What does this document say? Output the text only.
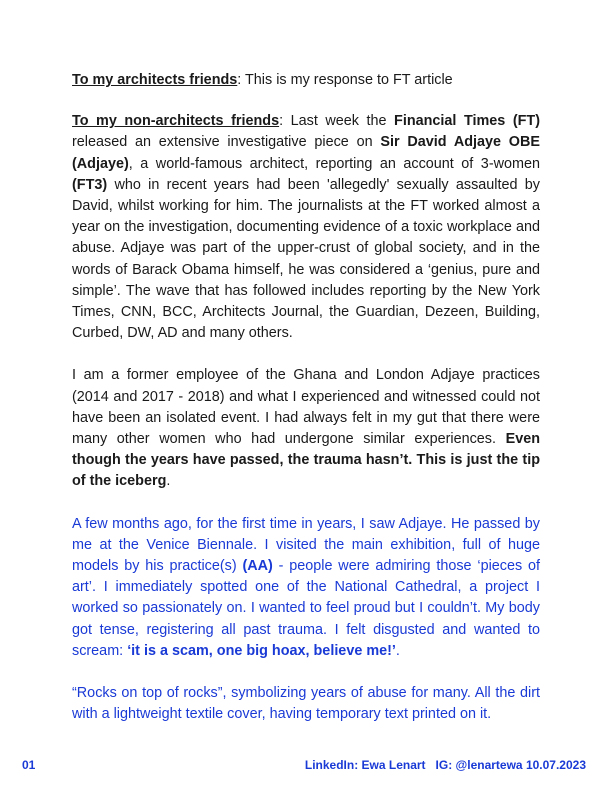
To my architects friends: This is my response to FT article

To my non-architects friends: Last week the Financial Times (FT) released an extensive investigative piece on Sir David Adjaye OBE (Adjaye), a world-famous architect, reporting an account of 3-women (FT3) who in recent years had been 'allegedly' sexually assaulted by David, whilst working for him. The journalists at the FT worked almost a year on the investigation, documenting evidence of a toxic workplace and abuse. Adjaye was part of the upper-crust of global society, and in the words of Barack Obama himself, he was considered a ‘genius, pure and simple’. The wave that has followed includes reporting by the New York Times, CNN, BCC, Architects Journal, the Guardian, Dezeen, Building, Curbed, DW, AD and many others.

I am a former employee of the Ghana and London Adjaye practices (2014 and 2017 - 2018) and what I experienced and witnessed could not have been an isolated event. I had always felt in my gut that there were many other women who had undergone similar experiences. Even though the years have passed, the trauma hasn’t. This is just the tip of the iceberg.

A few months ago, for the first time in years, I saw Adjaye. He passed by me at the Venice Biennale. I visited the main exhibition, full of huge models by his practice(s) (AA) - people were admiring those ‘pieces of art’. I immediately spotted one of the National Cathedral, a project I worked so passionately on. I wanted to feel proud but I couldn’t. My body got tense, registering all past trauma. I felt disgusted and wanted to scream: ‘it is a scam, one big hoax, believe me!’.

“Rocks on top of rocks”, symbolizing years of abuse for many. All the dirt with a lightweight textile cover, having temporary text printed on it.

01	LinkedIn: Ewa Lenart IG: @lenartewa 10.07.2023
